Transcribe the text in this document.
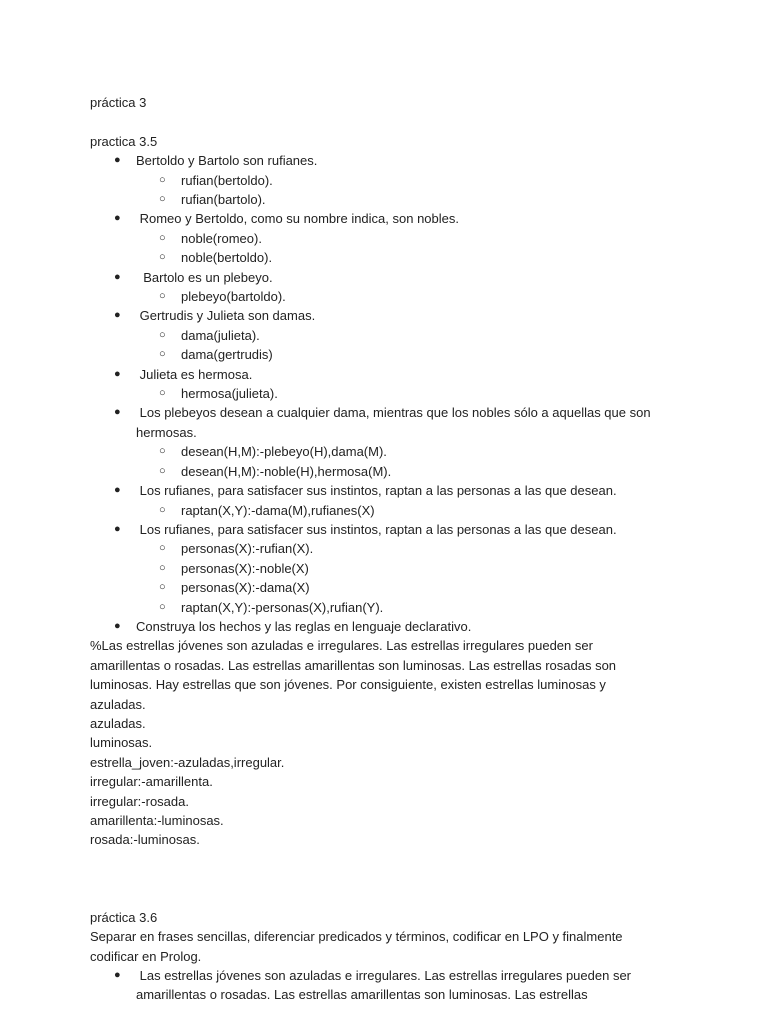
práctica 3

practica 3.5

● Bertoldo y Bartolo son rufianes.
○ rufian(bertoldo).
○ rufian(bartolo).
● Romeo y Bertoldo, como su nombre indica, son nobles.
○ noble(romeo).
○ noble(bertoldo).
● Bartolo es un plebeyo.
○ plebeyo(bartoldo).
● Gertrudis y Julieta son damas.
○ dama(julieta).
○ dama(gertrudis)
● Julieta es hermosa.
○ hermosa(julieta).
● Los plebeyos desean a cualquier dama, mientras que los nobles sólo a aquellas que son hermosas.
○ desean(H,M):-plebeyo(H),dama(M).
○ desean(H,M):-noble(H),hermosa(M).
● Los rufianes, para satisfacer sus instintos, raptan a las personas a las que desean.
○ raptan(X,Y):-dama(M),rufianes(X)
● Los rufianes, para satisfacer sus instintos, raptan a las personas a las que desean.
○ personas(X):-rufian(X).
○ personas(X):-noble(X)
○ personas(X):-dama(X)
○ raptan(X,Y):-personas(X),rufian(Y).
● Construya los hechos y las reglas en lenguaje declarativo.

%Las estrellas jóvenes son azuladas e irregulares. Las estrellas irregulares pueden ser amarillentas o rosadas. Las estrellas amarillentas son luminosas. Las estrellas rosadas son luminosas. Hay estrellas que son jóvenes. Por consiguiente, existen estrellas luminosas y azuladas.

azuladas.

luminosas.

estrella_joven:-azuladas,irregular.

irregular:-amarillenta.

irregular:-rosada.

amarillenta:-luminosas.

rosada:-luminosas.

práctica 3.6

Separar en frases sencillas, diferenciar predicados y términos, codificar en LPO y finalmente codificar en Prolog.

● Las estrellas jóvenes son azuladas e irregulares. Las estrellas irregulares pueden ser amarillentas o rosadas. Las estrellas amarillentas son luminosas. Las estrellas
